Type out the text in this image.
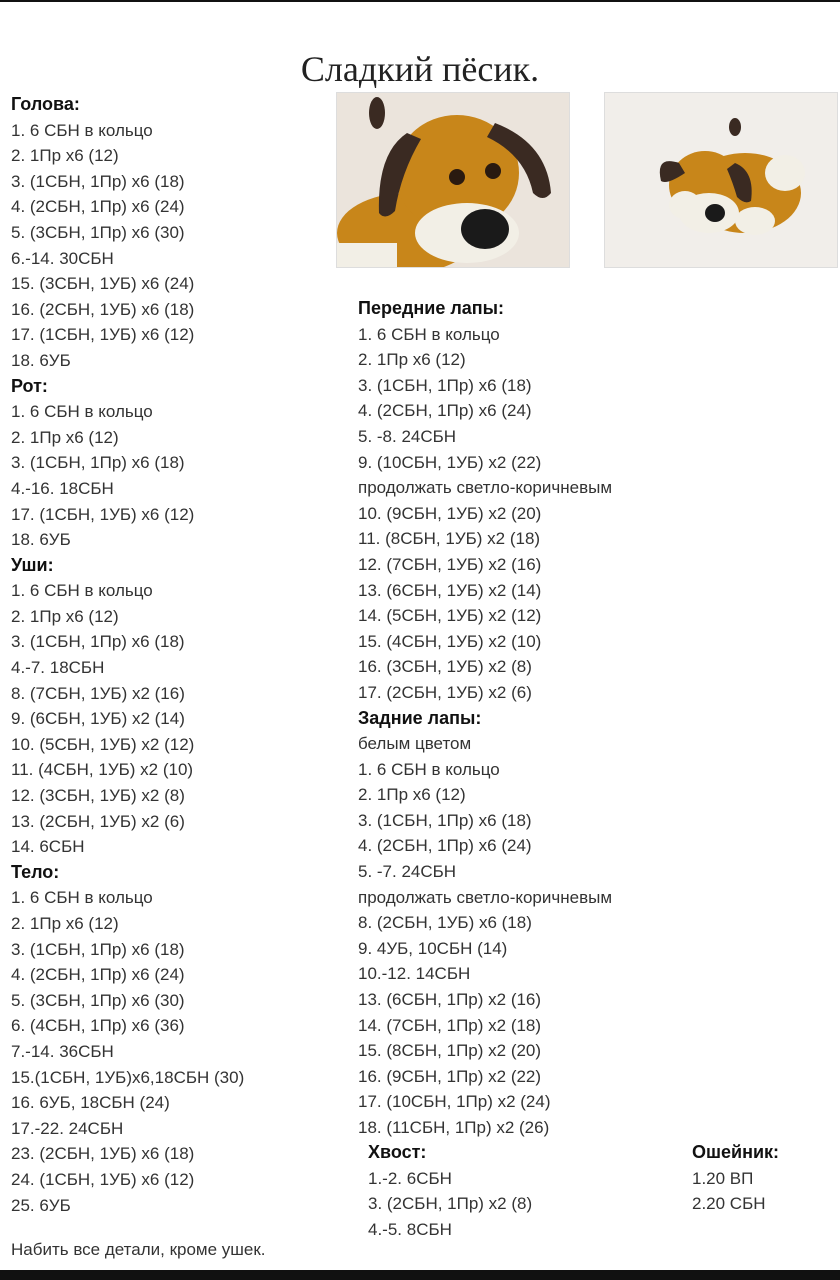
Сладкий пёсик.
Голова:
1. 6 СБН в кольцо
2. 1Пр х6 (12)
3. (1СБН, 1Пр) х6 (18)
4. (2СБН, 1Пр) х6 (24)
5. (3СБН, 1Пр) х6 (30)
6.-14. 30СБН
15. (3СБН, 1УБ) х6 (24)
16. (2СБН, 1УБ) х6 (18)
17. (1СБН, 1УБ) х6 (12)
18. 6УБ
Рот:
1. 6 СБН в кольцо
2. 1Пр х6 (12)
3. (1СБН, 1Пр) х6 (18)
4.-16. 18СБН
17. (1СБН, 1УБ) х6 (12)
18. 6УБ
Уши:
1. 6 СБН в кольцо
2. 1Пр х6 (12)
3. (1СБН, 1Пр) х6 (18)
4.-7. 18СБН
8. (7СБН, 1УБ) х2 (16)
9. (6СБН, 1УБ) х2 (14)
10. (5СБН, 1УБ) х2 (12)
11. (4СБН, 1УБ) х2 (10)
12. (3СБН, 1УБ) х2 (8)
13. (2СБН, 1УБ) х2 (6)
14. 6СБН
Тело:
1. 6 СБН в кольцо
2. 1Пр х6 (12)
3. (1СБН, 1Пр) х6 (18)
4. (2СБН, 1Пр) х6 (24)
5. (3СБН, 1Пр) х6 (30)
6. (4СБН, 1Пр) х6 (36)
7.-14. 36СБН
15.(1СБН, 1УБ)х6,18СБН (30)
16. 6УБ, 18СБН (24)
17.-22. 24СБН
23. (2СБН, 1УБ) х6 (18)
24. (1СБН, 1УБ) х6 (12)
25. 6УБ
Передние лапы:
1. 6 СБН в кольцо
2. 1Пр х6 (12)
3. (1СБН, 1Пр) х6 (18)
4. (2СБН, 1Пр) х6 (24)
5. -8. 24СБН
9. (10СБН, 1УБ) х2 (22)
продолжать светло-коричневым
10. (9СБН, 1УБ) х2 (20)
11. (8СБН, 1УБ) х2 (18)
12. (7СБН, 1УБ) х2 (16)
13. (6СБН, 1УБ) х2 (14)
14. (5СБН, 1УБ) х2 (12)
15. (4СБН, 1УБ) х2 (10)
16. (3СБН, 1УБ) х2 (8)
17. (2СБН, 1УБ) х2 (6)
Задние лапы:
белым цветом
1. 6 СБН в кольцо
2. 1Пр х6 (12)
3. (1СБН, 1Пр) х6 (18)
4. (2СБН, 1Пр) х6 (24)
5. -7. 24СБН
продолжать светло-коричневым
8. (2СБН, 1УБ) х6 (18)
9. 4УБ, 10СБН (14)
10.-12. 14СБН
13. (6СБН, 1Пр) х2 (16)
14. (7СБН, 1Пр) х2 (18)
15. (8СБН, 1Пр) х2 (20)
16. (9СБН, 1Пр) х2 (22)
17. (10СБН, 1Пр) х2 (24)
18. (11СБН, 1Пр) х2 (26)
Хвост:
1.-2. 6СБН
3. (2СБН, 1Пр) х2 (8)
4.-5. 8СБН
Ошейник:
1.20 ВП
2.20 СБН
Набить все детали, кроме ушек.
